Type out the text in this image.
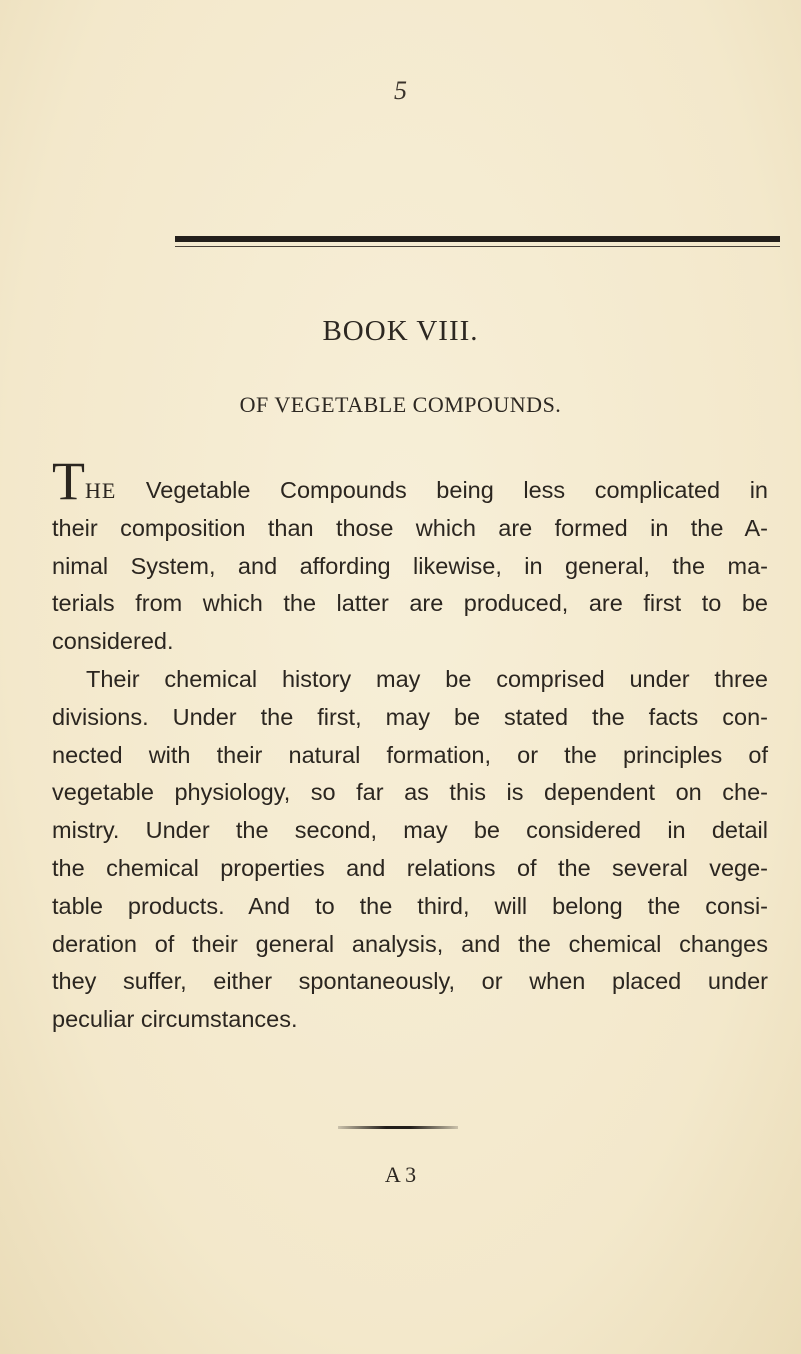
5
BOOK VIII.
OF VEGETABLE COMPOUNDS.
THE Vegetable Compounds being less complicated in
their composition than those which are formed in the A-
nimal System, and affording likewise, in general, the ma-
terials from which the latter are produced, are first to be
considered.
Their chemical history may be comprised under three
divisions. Under the first, may be stated the facts con-
nected with their natural formation, or the principles of
vegetable physiology, so far as this is dependent on che-
mistry. Under the second, may be considered in detail
the chemical properties and relations of the several vege-
table products. And to the third, will belong the consi-
deration of their general analysis, and the chemical changes
they suffer, either spontaneously, or when placed under
peculiar circumstances.
A 3
